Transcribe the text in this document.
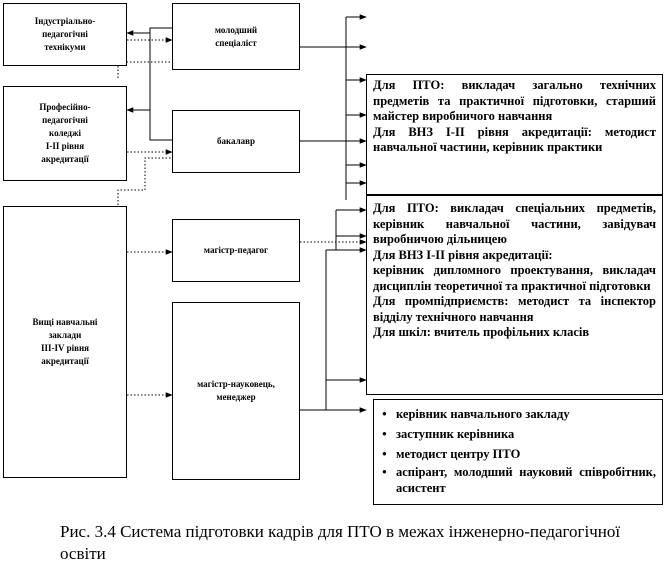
Індустріально-
педагогічні
технікуми
Професійно-
педагогічні
коледжі
І-ІІ рівня
акредитації
Вищі навчальні
заклади
ІІІ-ІV рівня
акредитації
молодший
спеціаліст
бакалавр
магістр-педагог
магістр-науковець,
менеджер

Для ПТО: викладач загально технічних предметів та практичної підготовки, старший майстер виробничого навчання

Для ВНЗ І-ІІ рівня акредитації: методист навчальної частини, керівник практики

Для ПТО: викладач спеціальних предметів, керівник навчальної частини, завідувач виробничою дільницею

Для ВНЗ І-ІІ рівня акредитації:

керівник дипломного проектування, викладач дисциплін теоретичної та практичної підготовки

Для промпідприємств: методист та інспектор відділу технічного навчання

Для шкіл: вчитель профільних класів

● керівник навчального закладу
● заступник керівника
● методист центру ПТО
● аспірант, молодший науковий співробітник, асистент
Рис. 3.4 Система підготовки кадрів для ПТО в межах інженерно-педагогічної освіти
